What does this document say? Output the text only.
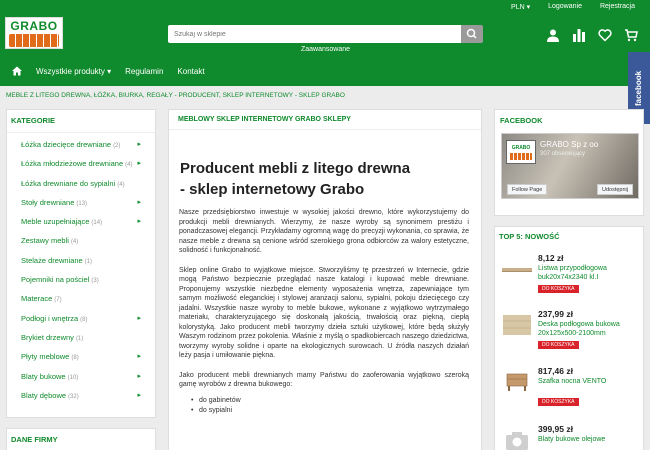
PLN ▾	Logowanie	Rejestracja
GRABO
Szukaj w sklepie
Zaawansowane
Wszystkie produkty ▾ Regulamin Kontakt	facebook
MEBLE Z LITEGO DREWNA, ŁÓŻKA, BIURKA, REGAŁY - PRODUCENT, SKLEP INTERNETOWY - SKLEP GRABO
KATEGORIE
Łóżka dziecięce drewniane (2) ▸
Łóżka młodzieżowe drewniane (4) ▸
Łóżka drewniane do sypialni (4)
Stoły drewniane (13)	▸
Meble uzupełniające (14)	▸
Zestawy mebli (4)
Stelaże drewniane (1)
Pojemniki na pościel (3)
Materace (7)
Podłogi i wnętrza (8)	▸
Brykiet drzewny (1)
Płyty meblowe (8)	▸
Blaty bukowe (10)	▸
Blaty dębowe (32)	▸
DANE FIRMY
MEBLOWY SKLEP INTERNETOWY GRABO SKLEPY
Producent mebli z litego drewna
- sklep internetowy Grabo
Nasze przedsiębiorstwo inwestuje w wysokiej jakości drewno, które wykorzystujemy do produkcji mebli drewnianych. Wierzymy, że nasze wyroby są synonimem prestiżu i ponadczasowej elegancji. Przykładamy ogromną wagę do precyzji wykonania, co sprawia, że nasze meble z drewna są cenione wśród szerokiego grona odbiorców za walory estetyczne, solidność i funkcjonalność.
Sklep online Grabo to wyjątkowe miejsce. Stworzyliśmy tę przestrzeń w Internecie, gdzie mogą Państwo bezpiecznie przeglądać nasze katalogi i kupować meble drewniane. Proponujemy wszystkie niezbędne elementy wyposażenia wnętrza, zapewniające tym samym możliwość eleganckiej i stylowej aranżacji salonu, sypialni, pokoju dziecięcego czy jadalni. Wszystkie nasze wyroby to meble bukowe, wykonane z wyjątkowo wytrzymałego materiału, charakteryzującego się doskonałą jakością, trwałością oraz piękną, ciepłą kolorystyką. Jako producent mebli tworzymy dzieła sztuki użytkowej, które będą służyły Waszym rodzinom przez pokolenia. Właśnie z myślą o spadkobiercach naszego dziedzictwa, tworzymy wyroby solidne i oparte na ekologicznych surowcach. U źródła naszych działań leży pasja i umiłowanie piękna.
Jako producent mebli drewnianych mamy Państwu do zaoferowania wyjątkowo szeroką gamę wyrobów z drewna bukowego:
• do gabinetów
• do sypialni
FACEBOOK
GRABO	GRABO Sp z oo
307 obserwujący
Follow Page	Udostępnij
TOP 5: NOWOŚĆ
8,12 zł
Listwa przypodłogowa buk20x74x2340 kl.I
DO KOSZYKA
237,99 zł
Deska podłogowa bukowa 20x125x500-2100mm
DO KOSZYKA
817,46 zł
Szafka nocna VENTO
DO KOSZYKA
399,95 zł
Blaty bukowe olejowe
